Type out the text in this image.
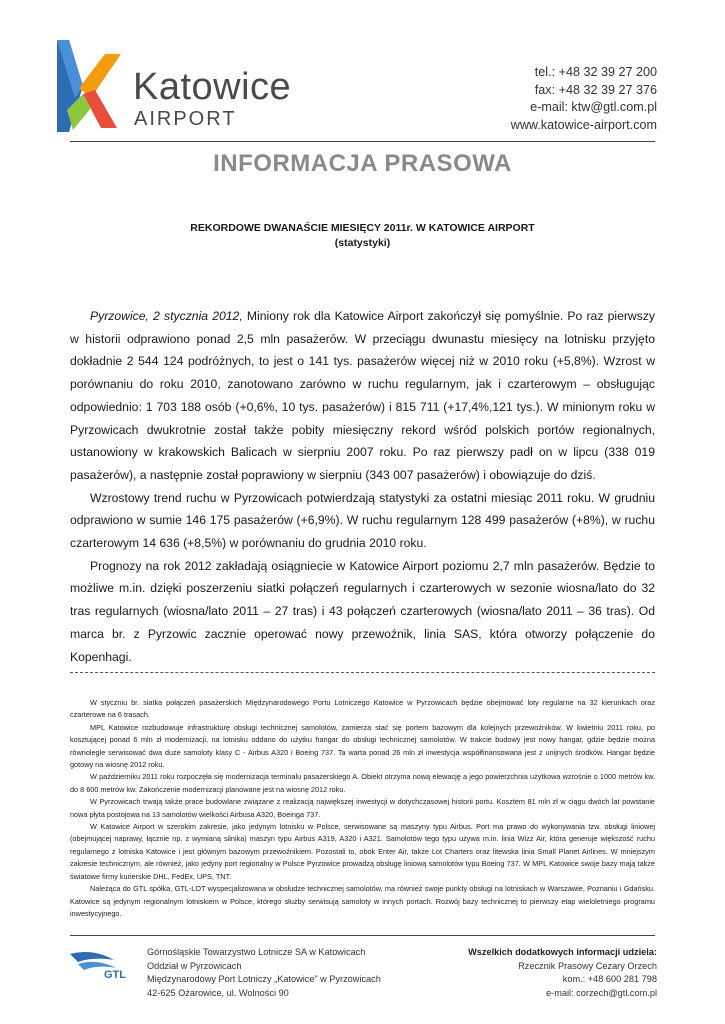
Katowice
AIRPORT
tel.: +48 32 39 27 200
fax: +48 32 39 27 376
e-mail: ktw@gtl.com.pl
www.katowice-airport.com
INFORMACJA PRASOWA
REKORDOWE DWANAŚCIE MIESIĘCY 2011r. W KATOWICE AIRPORT
(statystyki)

Pyrzowice, 2 stycznia 2012, Miniony rok dla Katowice Airport zakończył się pomyślnie. Po raz pierwszy w historii odprawiono ponad 2,5 mln pasażerów. W przeciągu dwunastu miesięcy na lotnisku przyjęto dokładnie 2 544 124 podróżnych, to jest o 141 tys. pasażerów więcej niż w 2010 roku (+5,8%). Wzrost w porównaniu do roku 2010, zanotowano zarówno w ruchu regularnym, jak i czarterowym – obsługując odpowiednio: 1 703 188 osób (+0,6%, 10 tys. pasażerów) i 815 711 (+17,4%,121 tys.). W minionym roku w Pyrzowicach dwukrotnie został także pobity miesięczny rekord wśród polskich portów regionalnych, ustanowiony w krakowskich Balicach w sierpniu 2007 roku. Po raz pierwszy padł on w lipcu (338 019 pasażerów), a następnie został poprawiony w sierpniu (343 007 pasażerów) i obowiązuje do dziś.

Wzrostowy trend ruchu w Pyrzowicach potwierdzają statystyki za ostatni miesiąc 2011 roku. W grudniu odprawiono w sumie 146 175 pasażerów (+6,9%). W ruchu regularnym 128 499 pasażerów (+8%), w ruchu czarterowym 14 636 (+8,5%) w porównaniu do grudnia 2010 roku.

Prognozy na rok 2012 zakładają osiągniecie w Katowice Airport poziomu 2,7 mln pasażerów. Będzie to możliwe m.in. dzięki poszerzeniu siatki połączeń regularnych i czarterowych w sezonie wiosna/lato do 32 tras regularnych (wiosna/lato 2011 – 27 tras) i 43 połączeń czarterowych (wiosna/lato 2011 – 36 tras). Od marca br. z Pyrzowic zacznie operować nowy przewoźnik, linia SAS, która otworzy połączenie do Kopenhagi.

W styczniu br. siatka połączeń pasażerskich Międzynarodowego Portu Lotniczego Katowice w Pyrzowicach będzie obejmować loty regularne na 32 kierunkach oraz czarterowe na 6 trasach.

MPL Katowice rozbudowuje infrastrukturę obsługi technicznej samolotów, zamierza stać się portem bazowym dla kolejnych przewoźników. W kwietniu 2011 roku, po kosztującej ponad 6 mln zł modernizacji, na lotnisku oddano do użytku hangar do obsługi technicznej samolotów. W trakcie budowy jest nowy hangar, gdzie będzie można równolegle serwisować dwa duże samoloty klasy C - Airbus A320 i Boeing 737. Ta warta ponad 26 mln zł inwestycja współfinansowana jest z unijnych środków. Hangar będzie gotowy na wiosnę 2012 roku.

W październiku 2011 roku rozpoczęła się modernizacja terminalu pasażerskiego A. Obiekt otrzyma nową elewację a jego powierzchnia użytkowa wzrośnie o 1000 metrów kw. do 8 600 metrów kw. Zakończenie modernizacji planowane jest na wiosnę 2012 roku.

W Pyrzowicach trwają także prace budowlane związane z realizacją największej inwestycji w dotychczasowej historii portu. Kosztem 81 mln zł w ciągu dwóch lat powstanie nowa płyta postojowa na 13 samolotów wielkości Airbusa A320, Boeinga 737.

W Katowice Airport w szerokim zakresie, jako jedynym lotnisku w Polsce, serwisowane są maszyny typu Airbus. Port ma prawo do wykonywania tzw. obsługi liniowej (obejmującej naprawy, łącznie np. z wymianą silnika) maszyn typu Airbus A319, A320 i A321. Samolotów tego typu używa m.in. linia Wizz Air, która generuje większość ruchu regularnego z lotniska Katowice i jest głównym bazowym przewoźnikiem. Pozostali to, obok Enter Air, także Lot Charters oraz litewska linia Small Planet Airlines. W mniejszym zakresie technicznym, ale również, jako jedyny port regionalny w Polsce Pyrzowice prowadzą obsługę liniową samolotów typu Boeing 737. W MPL Katowice swoje bazy mają także światowe firmy kurierskie DHL, FedEx, UPS, TNT.

Należąca do GTL spółka, GTL-LOT wyspecjalizowana w obsłudze technicznej samolotów, ma również swoje punkty obsługi na lotniskach w Warszawie, Poznaniu i Gdańsku. Katowice są jedynym regionalnym lotniskiem w Polsce, którego służby serwisują samoloty w innych portach. Rozwój bazy technicznej to pierwszy etap wieloletniego programu inwestycyjnego.

GTL
Górnośląskie Towarzystwo Lotnicze SA w Katowicach
Oddział w Pyrzowicach
Międzynarodowy Port Lotniczy „Katowice” w Pyrzowicach
42-625 Ożarowice, ul. Wolności 90
Wszelkich dodatkowych informacji udziela:
Rzecznik Prasowy Cezary Orzech
kom.: +48 600 281 798
e-mail: corzech@gtl.com.pl
